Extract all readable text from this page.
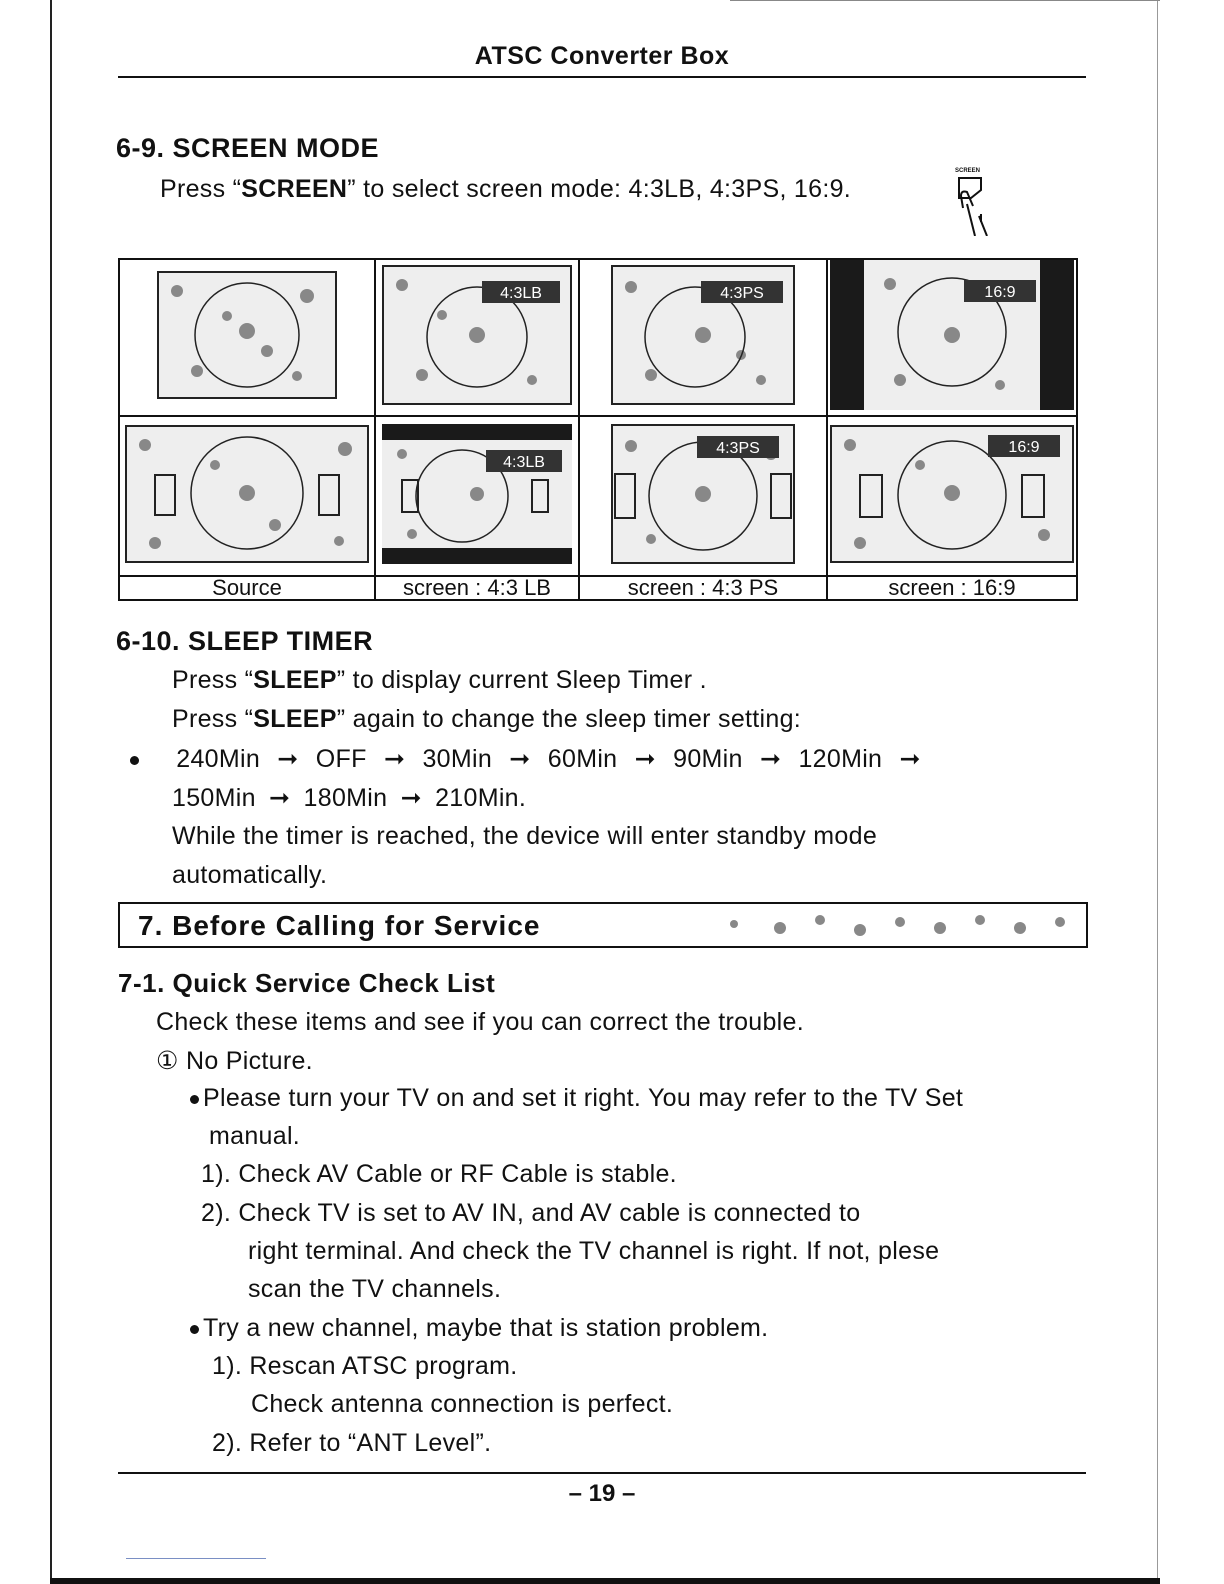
ATSC Converter Box
6-9. SCREEN MODE
Press “SCREEN” to select screen mode: 4:3LB, 4:3PS, 16:9.
SCREEN

4:3LB	4:3PS	16:9

4:3LB	4:3PS	16:9

Source	screen : 4:3 LB	screen : 4:3 PS	screen : 16:9
6-10. SLEEP TIMER
Press “SLEEP” to display current Sleep Timer .
Press “SLEEP” again to change the sleep timer setting:
240Min ➞ OFF ➞ 30Min ➞ 60Min ➞ 90Min ➞ 120Min ➞
150Min ➞ 180Min ➞ 210Min.
While the timer is reached, the device will enter standby mode
automatically.
7. Before Calling for Service
7-1. Quick Service Check List
Check these items and see if you can correct the trouble.
① No Picture.
Please turn your TV on and set it right. You may refer to the TV Set
manual.
1). Check AV Cable or RF Cable is stable.
2). Check TV is set to AV IN, and AV cable is connected to
right terminal. And check the TV channel is right. If not, plese
scan the TV channels.
Try a new channel, maybe that is station problem.
1). Rescan ATSC program.
Check antenna connection is perfect.
2). Refer to “ANT Level”.
– 19 –
